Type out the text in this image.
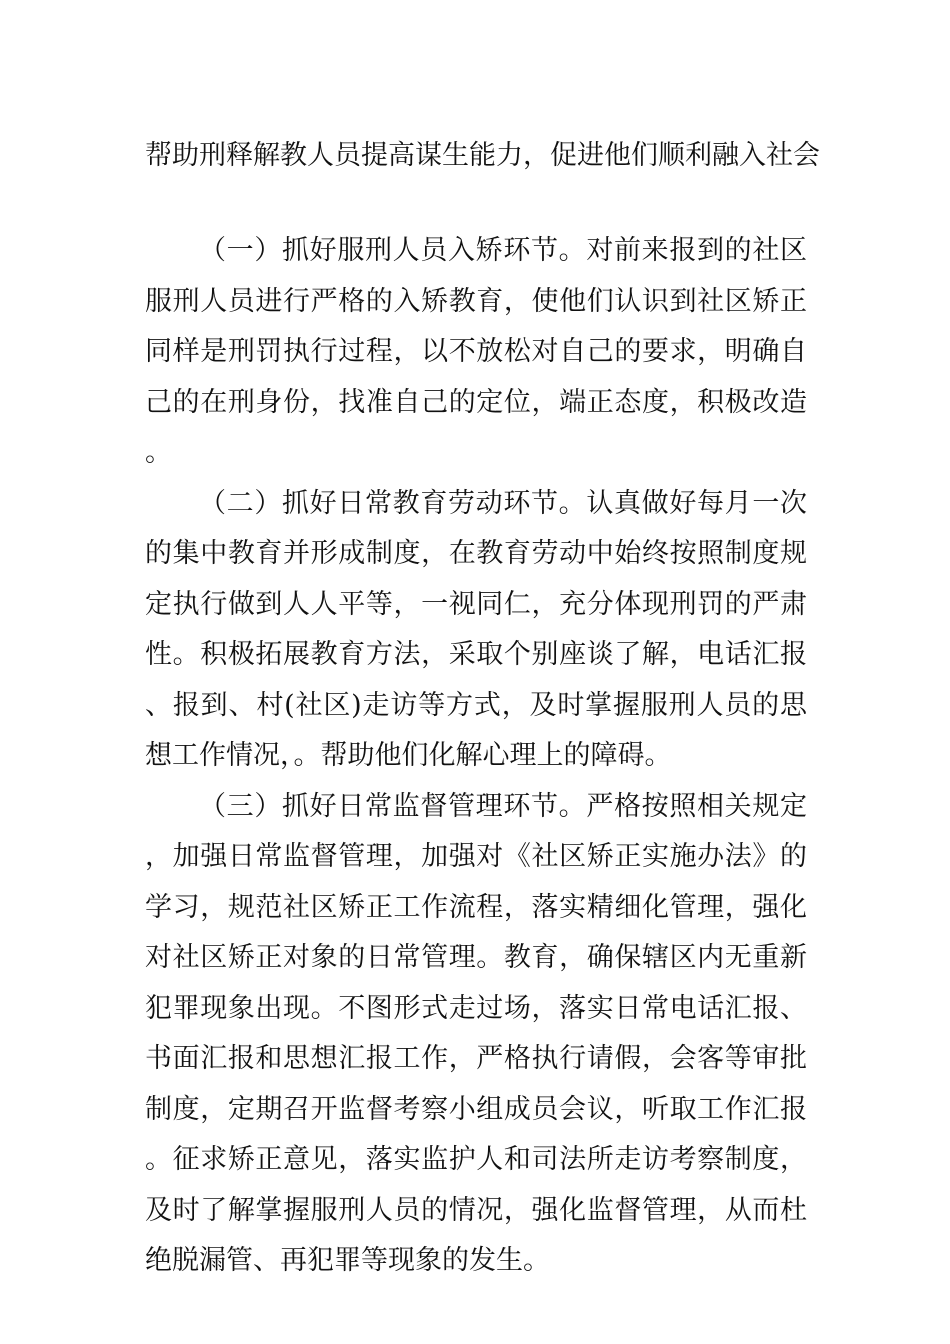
帮助刑释解教人员提高谋生能力，促进他们顺利融入社会

（一）抓好服刑人员入矫环节。对前来报到的社区服刑人员进行严格的入矫教育，使他们认识到社区矫正同样是刑罚执行过程，以不放松对自己的要求，明确自己的在刑身份，找准自己的定位，端正态度，积极改造。

（二）抓好日常教育劳动环节。认真做好每月一次的集中教育并形成制度，在教育劳动中始终按照制度规定执行做到人人平等，一视同仁，充分体现刑罚的严肃性。积极拓展教育方法，采取个别座谈了解，电话汇报、报到、村(社区)走访等方式，及时掌握服刑人员的思想工作情况，。帮助他们化解心理上的障碍。

（三）抓好日常监督管理环节。严格按照相关规定，加强日常监督管理，加强对《社区矫正实施办法》的学习，规范社区矫正工作流程，落实精细化管理，强化对社区矫正对象的日常管理。教育，确保辖区内无重新犯罪现象出现。不图形式走过场，落实日常电话汇报、书面汇报和思想汇报工作，严格执行请假，会客等审批制度，定期召开监督考察小组成员会议，听取工作汇报。征求矫正意见，落实监护人和司法所走访考察制度，及时了解掌握服刑人员的情况，强化监督管理，从而杜绝脱漏管、再犯罪等现象的发生。
